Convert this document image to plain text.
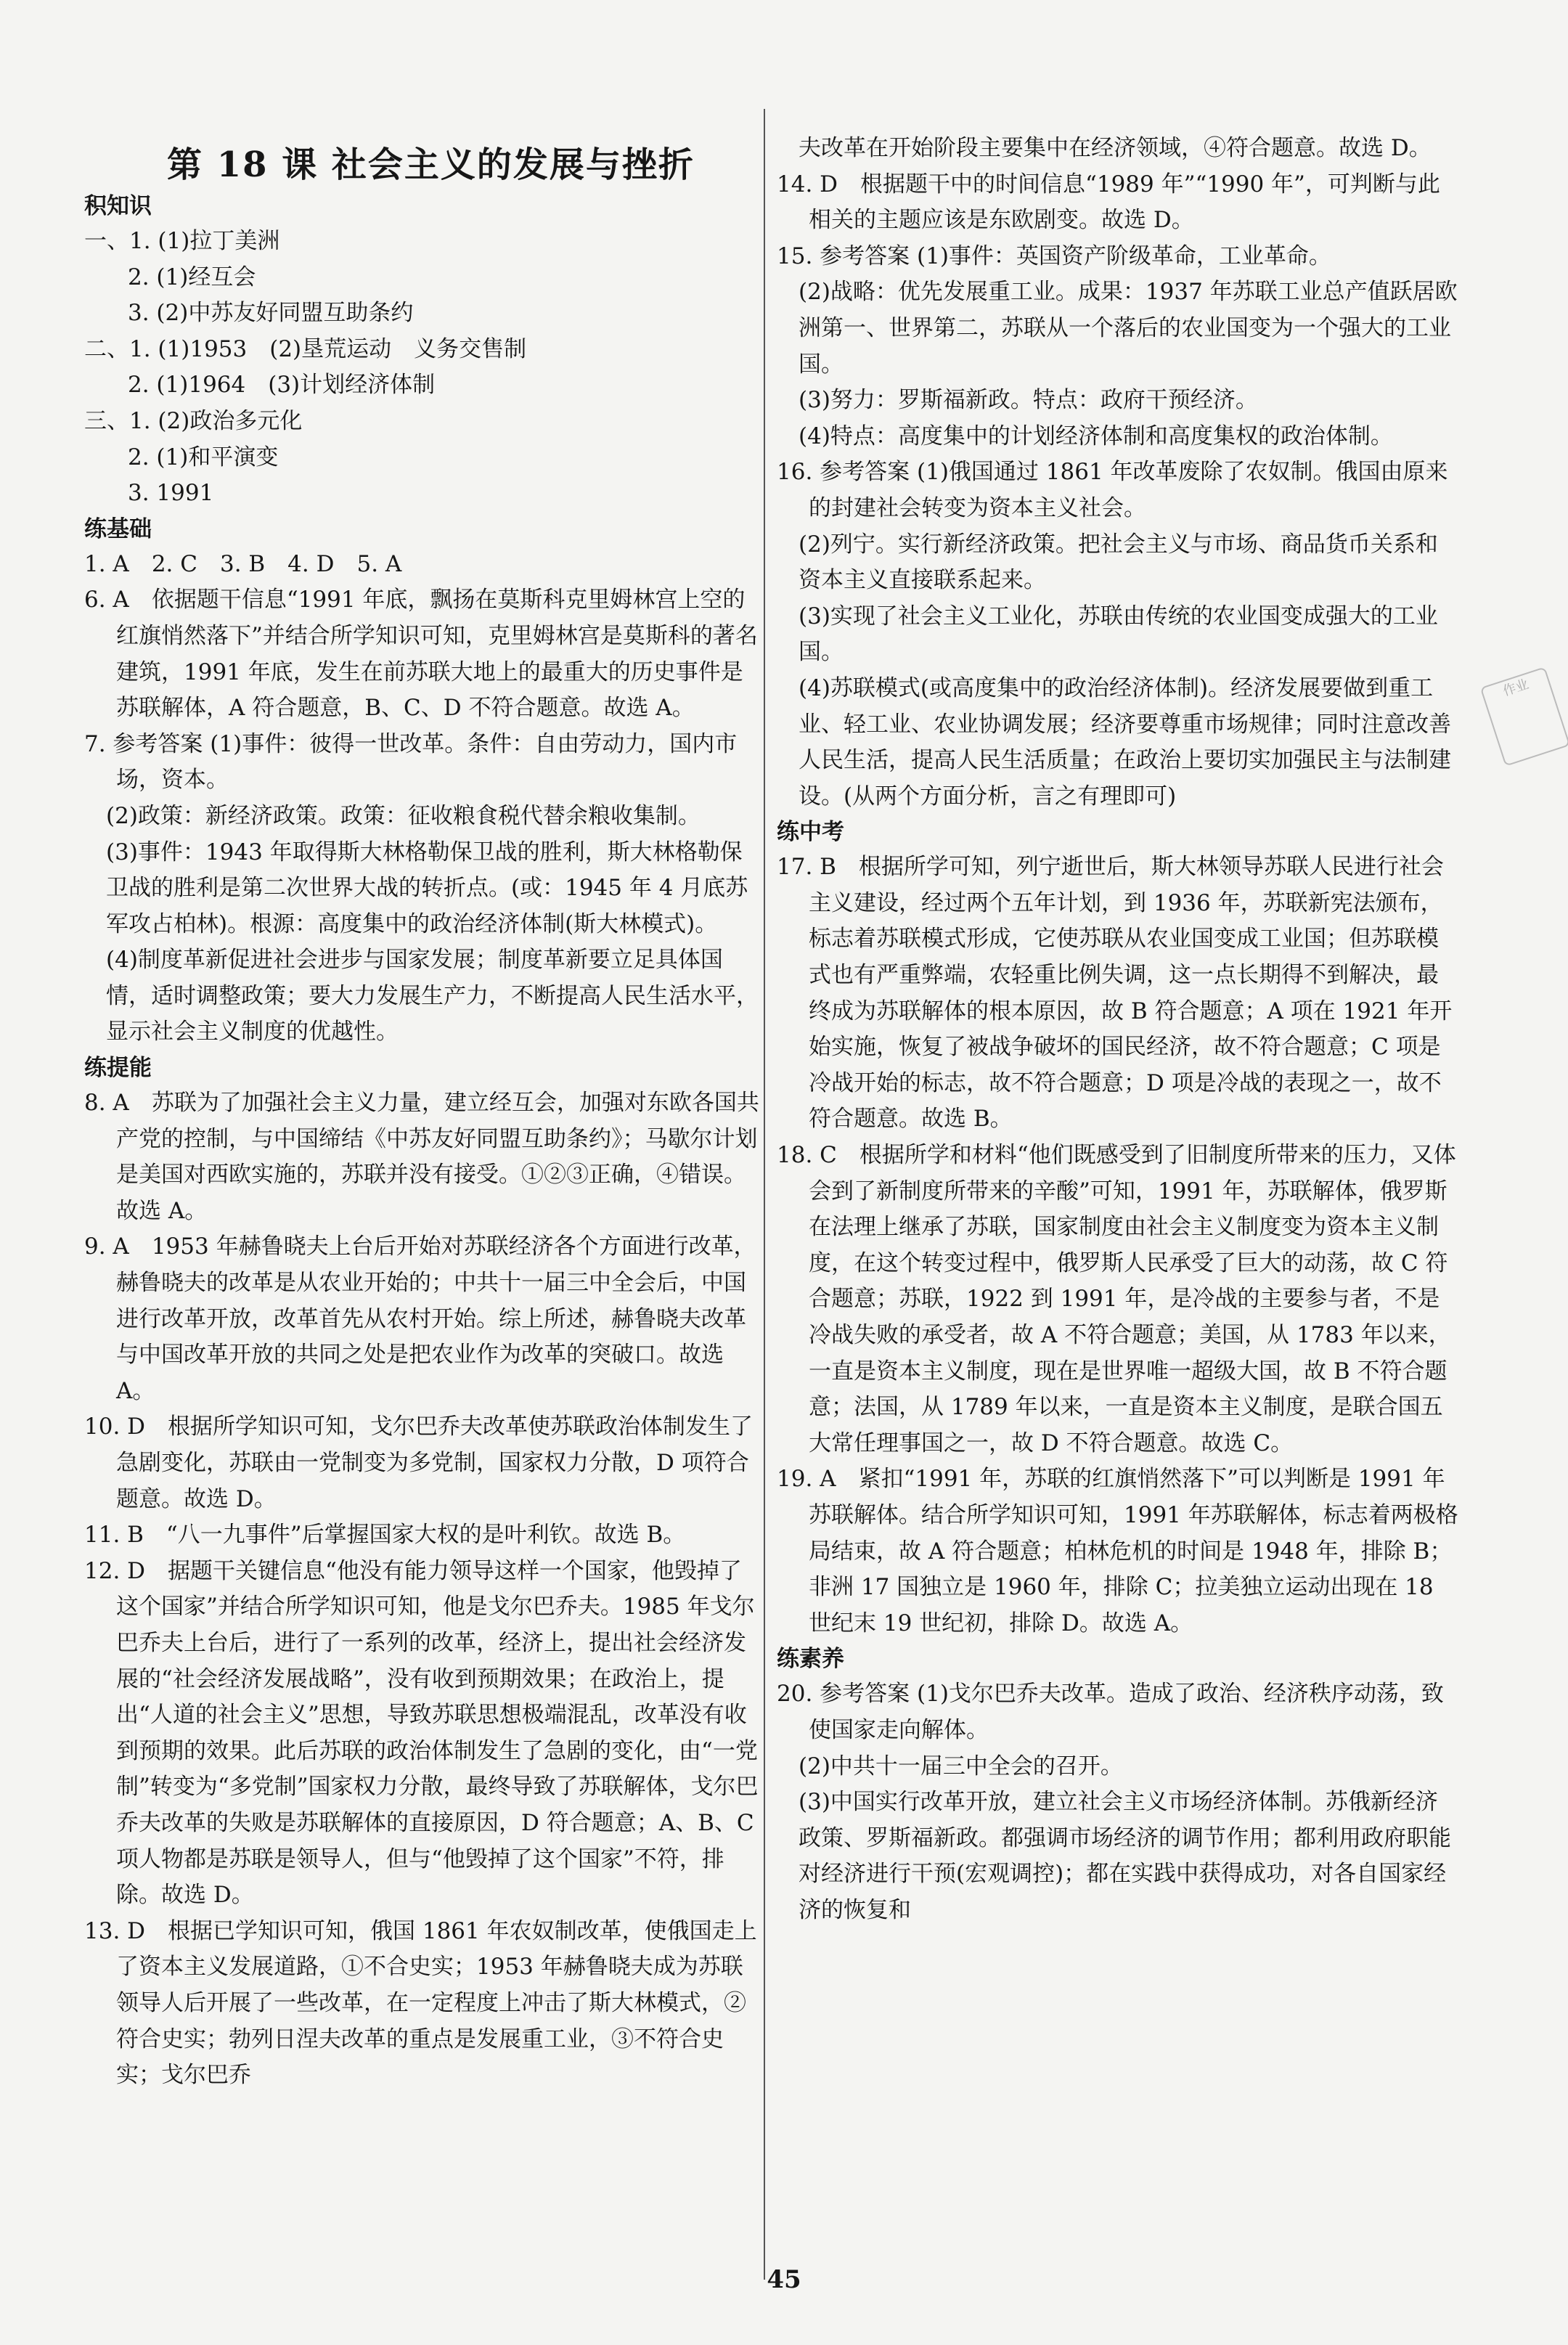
第 18 课 社会主义的发展与挫折
积知识

一、1. (1)拉丁美洲

2. (1)经互会

3. (2)中苏友好同盟互助条约

二、1. (1)1953　(2)垦荒运动　义务交售制

2. (1)1964　(3)计划经济体制

三、1. (2)政治多元化

2. (1)和平演变

3. 1991

练基础

1. A　2. C　3. B　4. D　5. A

6. A　依据题干信息“1991 年底，飘扬在莫斯科克里姆林宫上空的红旗悄然落下”并结合所学知识可知，克里姆林宫是莫斯科的著名建筑，1991 年底，发生在前苏联大地上的最重大的历史事件是苏联解体，A 符合题意，B、C、D 不符合题意。故选 A。

7. 参考答案 (1)事件：彼得一世改革。条件：自由劳动力，国内市场，资本。

(2)政策：新经济政策。政策：征收粮食税代替余粮收集制。

(3)事件：1943 年取得斯大林格勒保卫战的胜利，斯大林格勒保卫战的胜利是第二次世界大战的转折点。(或：1945 年 4 月底苏军攻占柏林)。根源：高度集中的政治经济体制(斯大林模式)。

(4)制度革新促进社会进步与国家发展；制度革新要立足具体国情，适时调整政策；要大力发展生产力，不断提高人民生活水平，显示社会主义制度的优越性。

练提能

8. A　苏联为了加强社会主义力量，建立经互会，加强对东欧各国共产党的控制，与中国缔结《中苏友好同盟互助条约》；马歇尔计划是美国对西欧实施的，苏联并没有接受。①②③正确，④错误。故选 A。

9. A　1953 年赫鲁晓夫上台后开始对苏联经济各个方面进行改革，赫鲁晓夫的改革是从农业开始的；中共十一届三中全会后，中国进行改革开放，改革首先从农村开始。综上所述，赫鲁晓夫改革与中国改革开放的共同之处是把农业作为改革的突破口。故选 A。

10. D　根据所学知识可知，戈尔巴乔夫改革使苏联政治体制发生了急剧变化，苏联由一党制变为多党制，国家权力分散，D 项符合题意。故选 D。

11. B　“八一九事件”后掌握国家大权的是叶利钦。故选 B。

12. D　据题干关键信息“他没有能力领导这样一个国家，他毁掉了这个国家”并结合所学知识可知，他是戈尔巴乔夫。1985 年戈尔巴乔夫上台后，进行了一系列的改革，经济上，提出社会经济发展的“社会经济发展战略”，没有收到预期效果；在政治上，提出“人道的社会主义”思想，导致苏联思想极端混乱，改革没有收到预期的效果。此后苏联的政治体制发生了急剧的变化，由“一党制”转变为“多党制”国家权力分散，最终导致了苏联解体，戈尔巴乔夫改革的失败是苏联解体的直接原因，D 符合题意；A、B、C 项人物都是苏联是领导人，但与“他毁掉了这个国家”不符，排除。故选 D。

13. D　根据已学知识可知，俄国 1861 年农奴制改革，使俄国走上了资本主义发展道路，①不合史实；1953 年赫鲁晓夫成为苏联领导人后开展了一些改革，在一定程度上冲击了斯大林模式，②符合史实；勃列日涅夫改革的重点是发展重工业，③不符合史实；戈尔巴乔

夫改革在开始阶段主要集中在经济领域，④符合题意。故选 D。

14. D　根据题干中的时间信息“1989 年”“1990 年”，可判断与此相关的主题应该是东欧剧变。故选 D。

15. 参考答案 (1)事件：英国资产阶级革命，工业革命。

(2)战略：优先发展重工业。成果：1937 年苏联工业总产值跃居欧洲第一、世界第二，苏联从一个落后的农业国变为一个强大的工业国。

(3)努力：罗斯福新政。特点：政府干预经济。

(4)特点：高度集中的计划经济体制和高度集权的政治体制。

16. 参考答案 (1)俄国通过 1861 年改革废除了农奴制。俄国由原来的封建社会转变为资本主义社会。

(2)列宁。实行新经济政策。把社会主义与市场、商品货币关系和资本主义直接联系起来。

(3)实现了社会主义工业化，苏联由传统的农业国变成强大的工业国。

(4)苏联模式(或高度集中的政治经济体制)。经济发展要做到重工业、轻工业、农业协调发展；经济要尊重市场规律；同时注意改善人民生活，提高人民生活质量；在政治上要切实加强民主与法制建设。(从两个方面分析，言之有理即可)

练中考

17. B　根据所学可知，列宁逝世后，斯大林领导苏联人民进行社会主义建设，经过两个五年计划，到 1936 年，苏联新宪法颁布，标志着苏联模式形成，它使苏联从农业国变成工业国；但苏联模式也有严重弊端，农轻重比例失调，这一点长期得不到解决，最终成为苏联解体的根本原因，故 B 符合题意；A 项在 1921 年开始实施，恢复了被战争破坏的国民经济，故不符合题意；C 项是冷战开始的标志，故不符合题意；D 项是冷战的表现之一，故不符合题意。故选 B。

18. C　根据所学和材料“他们既感受到了旧制度所带来的压力，又体会到了新制度所带来的辛酸”可知，1991 年，苏联解体，俄罗斯在法理上继承了苏联，国家制度由社会主义制度变为资本主义制度，在这个转变过程中，俄罗斯人民承受了巨大的动荡，故 C 符合题意；苏联，1922 到 1991 年，是冷战的主要参与者，不是冷战失败的承受者，故 A 不符合题意；美国，从 1783 年以来，一直是资本主义制度，现在是世界唯一超级大国，故 B 不符合题意；法国，从 1789 年以来，一直是资本主义制度，是联合国五大常任理事国之一，故 D 不符合题意。故选 C。

19. A　紧扣“1991 年，苏联的红旗悄然落下”可以判断是 1991 年苏联解体。结合所学知识可知，1991 年苏联解体，标志着两极格局结束，故 A 符合题意；柏林危机的时间是 1948 年，排除 B；非洲 17 国独立是 1960 年，排除 C；拉美独立运动出现在 18 世纪末 19 世纪初，排除 D。故选 A。

练素养

20. 参考答案 (1)戈尔巴乔夫改革。造成了政治、经济秩序动荡，致使国家走向解体。

(2)中共十一届三中全会的召开。

(3)中国实行改革开放，建立社会主义市场经济体制。苏俄新经济政策、罗斯福新政。都强调市场经济的调节作用；都利用政府职能对经济进行干预(宏观调控)；都在实践中获得成功，对各自国家经济的恢复和

作业
45
